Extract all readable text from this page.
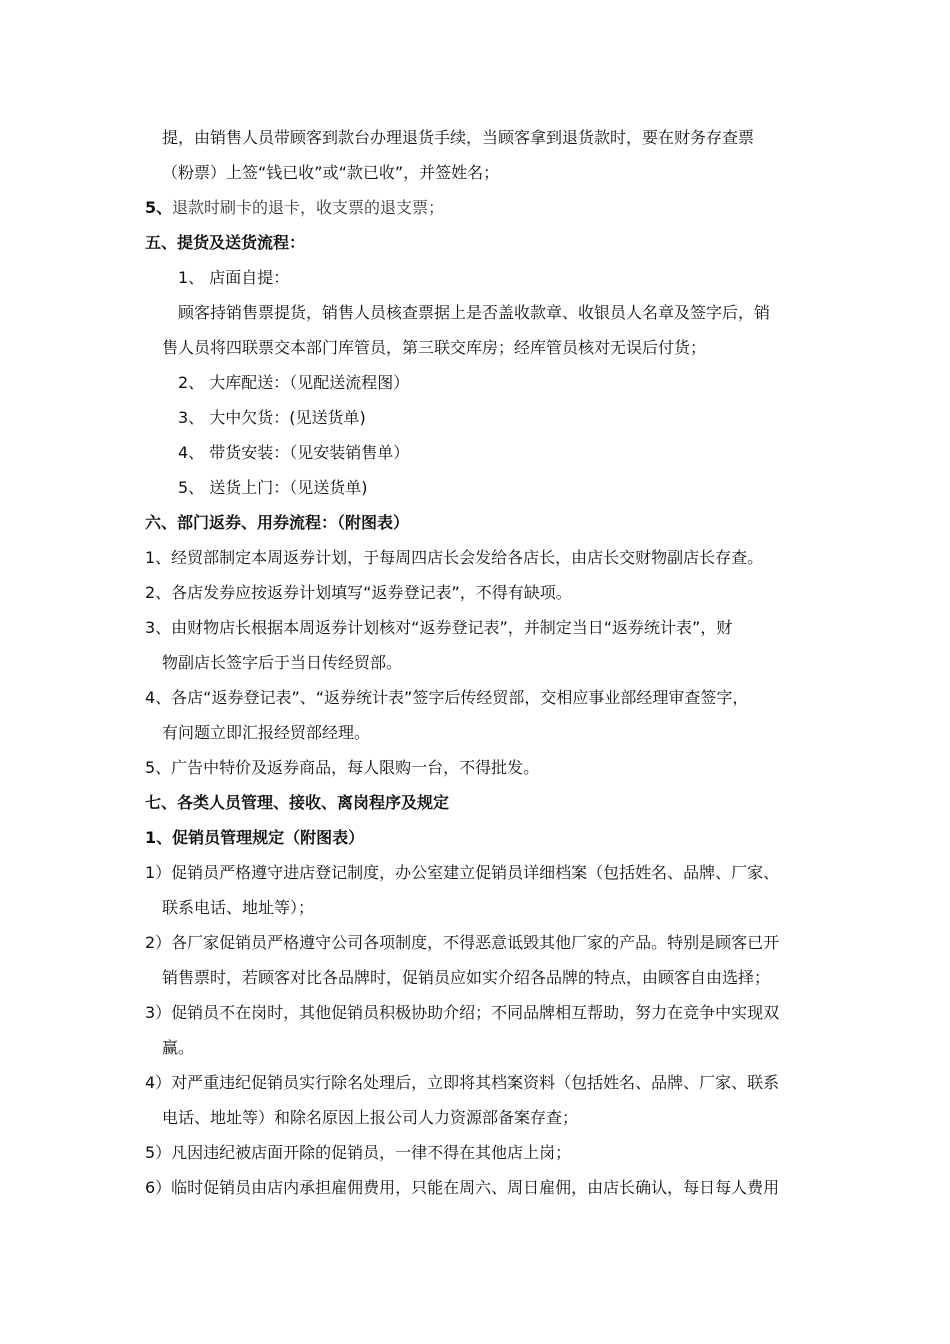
提，由销售人员带顾客到款台办理退货手续，当顾客拿到退货款时，要在财务存查票
（粉票）上签“钱已收”或“款已收”，并签姓名；
5、 退款时刷卡的退卡，收支票的退支票；
五、提货及送货流程：
1、 店面自提：
顾客持销售票提货，销售人员核查票据上是否盖收款章、收银员人名章及签字后，销
售人员将四联票交本部门库管员，第三联交库房；经库管员核对无误后付货；
2、 大库配送：（见配送流程图）
3、 大中欠货：(见送货单)
4、 带货安装：（见安装销售单）
5、 送货上门：（见送货单)
六、部门返券、用券流程：（附图表）
1、经贸部制定本周返券计划，于每周四店长会发给各店长，由店长交财物副店长存查。
2、各店发券应按返券计划填写“返券登记表”，不得有缺项。
3、由财物店长根据本周返券计划核对“返券登记表”，并制定当日“返券统计表”，财
物副店长签字后于当日传经贸部。
4、各店“返券登记表”、“返券统计表”签字后传经贸部，交相应事业部经理审查签字，
有问题立即汇报经贸部经理。
5、广告中特价及返券商品，每人限购一台，不得批发。
七、各类人员管理、接收、离岗程序及规定
1、促销员管理规定（附图表）
1）促销员严格遵守进店登记制度，办公室建立促销员详细档案（包括姓名、品牌、厂家、
联系电话、地址等）；
2）各厂家促销员严格遵守公司各项制度，不得恶意诋毁其他厂家的产品。特别是顾客已开
销售票时，若顾客对比各品牌时，促销员应如实介绍各品牌的特点，由顾客自由选择；
3）促销员不在岗时，其他促销员积极协助介绍；不同品牌相互帮助，努力在竞争中实现双
赢。
4）对严重违纪促销员实行除名处理后，立即将其档案资料（包括姓名、品牌、厂家、联系
电话、地址等）和除名原因上报公司人力资源部备案存查；
5）凡因违纪被店面开除的促销员，一律不得在其他店上岗；
6）临时促销员由店内承担雇佣费用，只能在周六、周日雇佣，由店长确认，每日每人费用
